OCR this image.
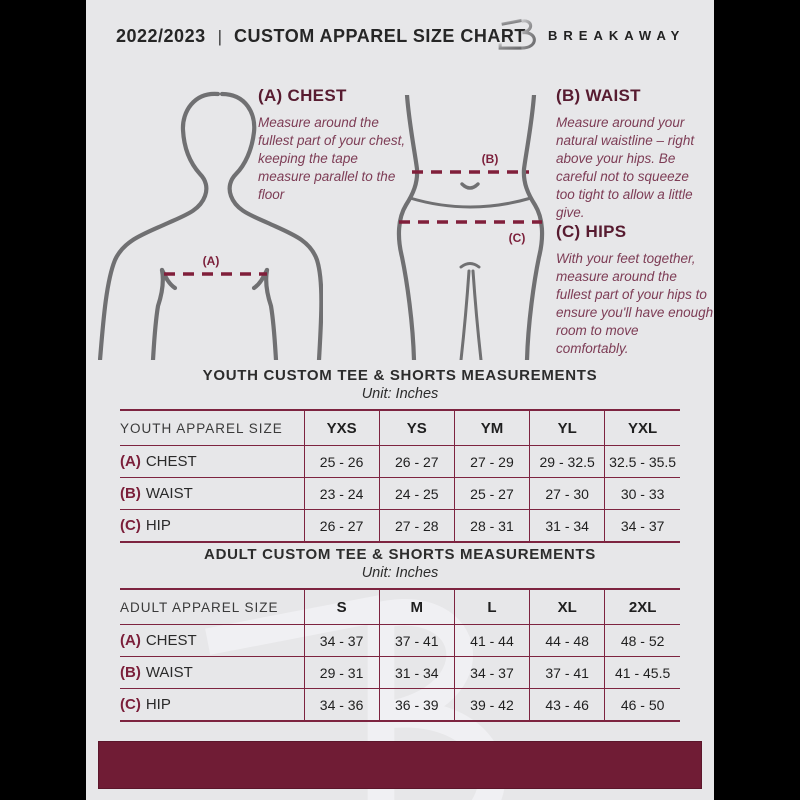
2022/2023 | CUSTOM APPAREL SIZE CHART BREAKAWAY
(A)
(B)
(C)
(A) CHEST
Measure around the fullest part of your chest, keeping the tape measure parallel to the floor
(B) WAIST
Measure around your natural waistline – right above your hips. Be careful not to squeeze too tight to allow a little give.
(C) HIPS
With your feet together, measure around the fullest part of your hips to ensure you'll have enough room to move comfortably.
YOUTH CUSTOM TEE & SHORTS MEASUREMENTS
Unit: Inches
YOUTH APPAREL SIZE	YXS	YS	YM	YL	YXL
(A) CHEST	25 - 26	26 - 27	27 - 29	29 - 32.5	32.5 - 35.5
(B) WAIST	23 - 24	24 - 25	25 - 27	27 - 30	30 - 33
(C) HIP	26 - 27	27 - 28	28 - 31	31 - 34	34 - 37
ADULT CUSTOM TEE & SHORTS MEASUREMENTS
Unit: Inches
ADULT APPAREL SIZE	S	M	L	XL	2XL
(A) CHEST	34 - 37	37 - 41	41 - 44	44 - 48	48 - 52
(B) WAIST	29 - 31	31 - 34	34 - 37	37 - 41	41 - 45.5
(C) HIP	34 - 36	36 - 39	39 - 42	43 - 46	46 - 50
